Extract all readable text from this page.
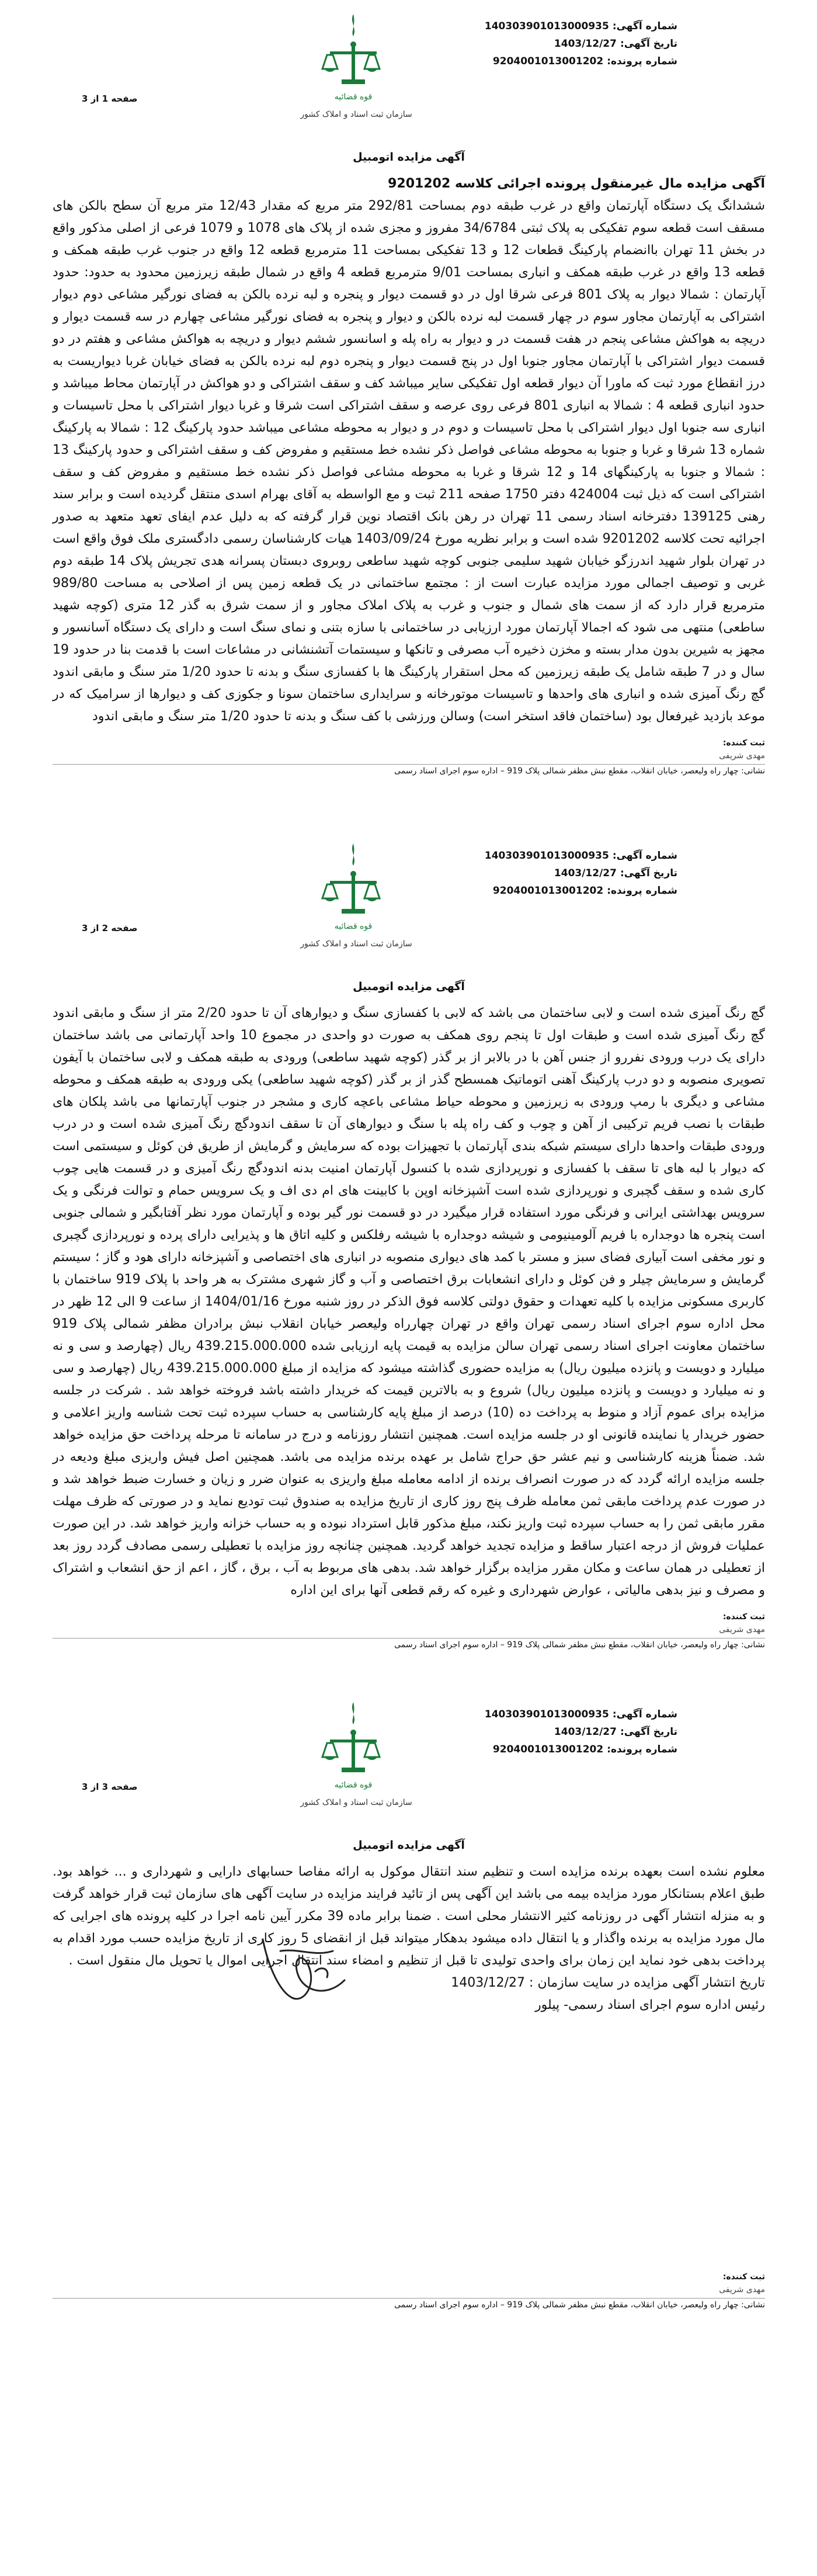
قوه قضائیه
سازمان ثبت اسناد و املاک کشور
شماره آگهی:140303901013000935
تاریخ آگهی:1403/12/27
شماره پرونده:9204001013001202
صفحه 1 از 3
آگهی مزایده اتومبیل
آگهی مزایده مال غیرمنقول پرونده اجرائی کلاسه 9201202
ششدانگ یک دستگاه آپارتمان واقع در غرب طبقه دوم بمساحت 292/81 متر مربع که مقدار 12/43 متر مربع آن سطح بالکن های مسقف است قطعه سوم تفکیکی به پلاک ثبتی 34/6784 مفروز و مجزی شده از پلاک های 1078 و 1079 فرعی از اصلی مذکور واقع در بخش 11 تهران باانضمام پارکینگ قطعات 12 و 13 تفکیکی بمساحت 11 مترمربع قطعه 12 واقع در جنوب غرب طبقه همکف و قطعه 13 واقع در غرب طبقه همکف و انباری بمساحت 9/01 مترمربع قطعه 4 واقع در شمال طبقه زیرزمین محدود به حدود: حدود آپارتمان : شمالا دیوار به پلاک 801 فرعی شرقا اول در دو قسمت دیوار و پنجره و لبه نرده بالکن به فضای نورگیر مشاعی دوم دیوار اشتراکی به آپارتمان مجاور سوم در چهار قسمت لبه نرده بالکن و دیوار و پنجره به فضای نورگیر مشاعی چهارم در سه قسمت دیوار و دریچه به هواکش مشاعی پنجم در هفت قسمت در و دیوار به راه پله و اسانسور ششم دیوار و دریچه به هواکش مشاعی و هفتم در دو قسمت دیوار اشتراکی با آپارتمان مجاور جنوبا اول در پنج قسمت دیوار و پنجره دوم لبه نرده بالکن به فضای خیابان غربا دیواریست به درز انقطاع مورد ثبت که ماورا آن دیوار قطعه اول تفکیکی سایر میباشد کف و سقف اشتراکی و دو هواکش در آپارتمان محاط میباشد و حدود انباری قطعه 4 : شمالا به انباری 801 فرعی روی عرصه و سقف اشتراکی است شرقا و غربا دیوار اشتراکی با محل تاسیسات و انباری سه جنوبا اول دیوار اشتراکی با محل تاسیسات و دوم در و دیوار به محوطه مشاعی میباشد حدود پارکینگ 12 : شمالا به پارکینگ شماره 13 شرقا و غربا و جنوبا به محوطه مشاعی فواصل ذکر نشده خط مستقیم و مفروض کف و سقف اشتراکی و حدود پارکینگ 13 : شمالا و جنوبا به پارکینگهای 14 و 12 شرقا و غربا به محوطه مشاعی فواصل ذکر نشده خط مستقیم و مفروض کف و سقف اشتراکی است که ذیل ثبت 424004 دفتر 1750 صفحه 211 ثبت و مع الواسطه به آقای بهرام اسدی منتقل گردیده است و برابر سند رهنی 139125 دفترخانه اسناد رسمی 11 تهران در رهن بانک اقتصاد نوین قرار گرفته که به دلیل عدم ایفای تعهد متعهد به صدور اجرائیه تحت کلاسه 9201202 شده است و برابر نظریه مورخ 1403/09/24 هیات کارشناسان رسمی دادگستری ملک فوق واقع است در تهران بلوار شهید اندرزگو خیابان شهید سلیمی جنوبی کوچه شهید ساطعی روبروی دبستان پسرانه هدی تجریش پلاک 14 طبقه دوم غربی و توصیف اجمالی مورد مزایده عبارت است از : مجتمع ساختمانی در یک قطعه زمین پس از اصلاحی به مساحت 989/80 مترمربع قرار دارد که از سمت های شمال و جنوب و غرب به پلاک املاک مجاور و از سمت شرق به گذر 12 متری (کوچه شهید ساطعی) منتهی می شود که اجمالا آپارتمان مورد ارزیابی در ساختمانی با سازه بتنی و نمای سنگ است و دارای یک دستگاه آسانسور و مجهز به شیرین بدون مدار بسته و مخزن ذخیره آب مصرفی و تانکها و سیستمات آتشنشانی در مشاعات است با قدمت بنا در حدود 19 سال و در 7 طبقه شامل یک طبقه زیرزمین که محل استقرار پارکینگ ها با کفسازی سنگ و بدنه تا حدود 1/20 متر سنگ و مابقی اندود گچ رنگ آمیزی شده و انباری های واحدها و تاسیسات موتورخانه و سرایداری ساختمان سونا و جکوزی کف و دیوارها از سرامیک که در موعد بازدید غیرفعال بود (ساختمان فاقد استخر است) وسالن ورزشی با کف سنگ و بدنه تا حدود 1/20 متر سنگ و مابقی اندود
ثبت کننده:
مهدی شریفی
نشانی: چهار راه ولیعصر، خیابان انقلاب، مقطع نبش مظفر شمالی پلاک 919 – اداره سوم اجرای اسناد رسمی
قوه قضائیه
سازمان ثبت اسناد و املاک کشور
شماره آگهی:140303901013000935
تاریخ آگهی:1403/12/27
شماره پرونده:9204001013001202
صفحه 2 از 3
آگهی مزایده اتومبیل
گچ رنگ آمیزی شده است و لابی ساختمان می باشد که لابی با کفسازی سنگ و دیوارهای آن تا حدود 2/20 متر از سنگ و مابقی اندود گچ رنگ آمیزی شده است و طبقات اول تا پنجم روی همکف به صورت دو واحدی در مجموع 10 واحد آپارتمانی می باشد ساختمان دارای یک درب ورودی نفررو از جنس آهن با در بالابر از بر گذر (کوچه شهید ساطعی) ورودی به طبقه همکف و لابی ساختمان با آیفون تصویری منصوبه و دو درب پارکینگ آهنی اتوماتیک همسطح گذر از بر گذر (کوچه شهید ساطعی) یکی ورودی به طبقه همکف و محوطه مشاعی و دیگری با رمپ ورودی به زیرزمین و محوطه حیاط مشاعی باعچه کاری و مشجر در جنوب آپارتمانها می باشد پلکان های طبقات با نصب فریم ترکیبی از آهن و چوب و کف راه پله با سنگ و دیوارهای آن تا سقف اندودگچ رنگ آمیزی شده است و در درب ورودی طبقات واحدها دارای سیستم شبکه بندی آپارتمان با تجهیزات بوده که سرمایش و گرمایش از طریق فن کوئل و سیستمی است که دیوار با لبه های تا سقف با کفسازی و نورپردازی شده با کنسول آپارتمان امنیت بدنه اندودگچ رنگ آمیزی و در قسمت هایی چوب کاری شده و سقف گچبری و نورپردازی شده است آشپزخانه اوپن با کابینت های ام دی اف و یک سرویس حمام و توالت فرنگی و یک سرویس بهداشتی ایرانی و فرنگی مورد استفاده قرار میگیرد در دو قسمت نور گیر بوده و آپارتمان مورد نظر آفتابگیر و شمالی جنوبی است پنجره ها دوجداره با فریم آلومینیومی و شیشه دوجداره با شیشه رفلکس و کلیه اتاق ها و پذیرایی دارای پرده و نورپردازی گچبری و نور مخفی است آبیاری فضای سبز و مستر با کمد های دیواری منصوبه در انباری های اختصاصی و آشپزخانه دارای هود و گاز ؛ سیستم گرمایش و سرمایش چیلر و فن کوئل و دارای انشعابات برق اختصاصی و آب و گاز شهری مشترک به هر واحد با پلاک 919 ساختمان با کاربری مسکونی مزایده با کلیه تعهدات و حقوق دولتی کلاسه فوق الذکر در روز شنبه مورخ 1404/01/16 از ساعت 9 الی 12 ظهر در محل اداره سوم اجرای اسناد رسمی تهران واقع در تهران چهارراه ولیعصر خیابان انقلاب نبش برادران مظفر شمالی پلاک 919 ساختمان معاونت اجرای اسناد رسمی تهران سالن مزایده به قیمت پایه ارزیابی شده 439.215.000.000 ریال (چهارصد و سی و نه میلیارد و دویست و پانزده میلیون ریال) به مزایده حضوری گذاشته میشود که مزایده از مبلغ 439.215.000.000 ریال (چهارصد و سی و نه میلیارد و دویست و پانزده میلیون ریال) شروع و به بالاترین قیمت که خریدار داشته باشد فروخته خواهد شد . شرکت در جلسه مزایده برای عموم آزاد و منوط به پرداخت ده (10) درصد از مبلغ پایه کارشناسی به حساب سپرده ثبت تحت شناسه واریز اعلامی و حضور خریدار یا نماینده قانونی او در جلسه مزایده است. همچنین انتشار روزنامه و درج در سامانه تا مرحله پرداخت حق مزایده خواهد شد. ضمناً هزینه کارشناسی و نیم عشر حق حراج شامل بر عهده برنده مزایده می باشد. همچنین اصل فیش واریزی مبلغ ودیعه در جلسه مزایده ارائه گردد که در صورت انصراف برنده از ادامه معامله مبلغ واریزی به عنوان ضرر و زیان و خسارت ضبط خواهد شد و در صورت عدم پرداخت مابقی ثمن معامله ظرف پنج روز کاری از تاریخ مزایده به صندوق ثبت تودیع نماید و در صورتی که ظرف مهلت مقرر مابقی ثمن را به حساب سپرده ثبت واریز نکند، مبلغ مذکور قابل استرداد نبوده و به حساب خزانه واریز خواهد شد. در این صورت عملیات فروش از درجه اعتبار ساقط و مزایده تجدید خواهد گردید. همچنین چنانچه روز مزایده با تعطیلی رسمی مصادف گردد روز بعد از تعطیلی در همان ساعت و مکان مقرر مزایده برگزار خواهد شد. بدهی های مربوط به آب ، برق ، گاز ، اعم از حق انشعاب و اشتراک و مصرف و نیز بدهی مالیاتی ، عوارض شهرداری و غیره که رقم قطعی آنها برای این اداره
ثبت کننده:
مهدی شریفی
نشانی: چهار راه ولیعصر، خیابان انقلاب، مقطع نبش مظفر شمالی پلاک 919 – اداره سوم اجرای اسناد رسمی
قوه قضائیه
سازمان ثبت اسناد و املاک کشور
شماره آگهی:140303901013000935
تاریخ آگهی:1403/12/27
شماره پرونده:9204001013001202
صفحه 3 از 3
آگهی مزایده اتومبیل
معلوم نشده است بعهده برنده مزایده است و تنظیم سند انتقال موکول به ارائه مفاصا حسابهای دارایی و شهرداری و ... خواهد بود. طبق اعلام بستانکار مورد مزایده بیمه می باشد این آگهی پس از تائید فرایند مزایده در سایت آگهی های سازمان ثبت قرار خواهد گرفت و به منزله انتشار آگهی در روزنامه کثیر الانتشار محلی است . ضمنا برابر ماده 39 مکرر آیین نامه اجرا در کلیه پرونده های اجرایی که مال مورد مزایده به برنده واگذار و یا انتقال داده میشود بدهکار میتواند قبل از انقضای 5 روز کاری از تاریخ مزایده حسب مورد اقدام به پرداخت بدهی خود نماید این زمان برای واحدی تولیدی تا قبل از تنظیم و امضاء سند انتقال اجرایی اموال یا تحویل مال منقول است .
تاریخ انتشار آگهی مزایده در سایت سازمان : 1403/12/27
رئیس اداره سوم اجرای اسناد رسمی- پیلور
ثبت کننده:
مهدی شریفی
نشانی: چهار راه ولیعصر، خیابان انقلاب، مقطع نبش مظفر شمالی پلاک 919 – اداره سوم اجرای اسناد رسمی
